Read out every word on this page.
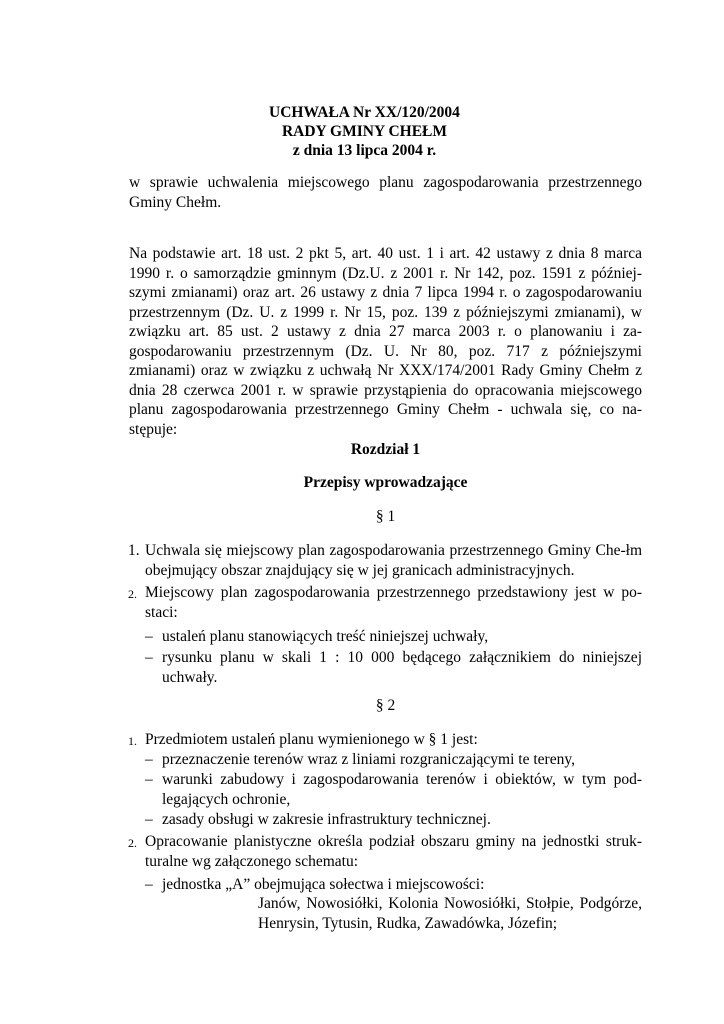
UCHWAŁA Nr XX/120/2004
RADY GMINY CHEŁM
z dnia 13 lipca 2004 r.
w sprawie uchwalenia miejscowego planu zagospodarowania przestrzennego Gminy Chełm.
Na podstawie art. 18 ust. 2 pkt 5, art. 40 ust. 1 i art. 42 ustawy z dnia 8 marca 1990 r. o samorządzie gminnym (Dz.U. z 2001 r. Nr 142, poz. 1591 z później-szymi zmianami) oraz art. 26 ustawy z dnia 7 lipca 1994 r. o zagospodarowaniu przestrzennym (Dz. U. z 1999 r. Nr 15, poz. 139 z późniejszymi zmianami), w związku art. 85 ust. 2 ustawy z dnia 27 marca 2003 r. o planowaniu i za-gospodarowaniu przestrzennym (Dz. U. Nr 80, poz. 717 z późniejszymi zmianami) oraz w związku z uchwałą Nr XXX/174/2001 Rady Gminy Chełm z dnia 28 czerwca 2001 r. w sprawie przystąpienia do opracowania miejscowego planu zagospodarowania przestrzennego Gminy Chełm - uchwala się, co na-stępuje:
Rozdział 1
Przepisy wprowadzające
§ 1
1. Uchwala się miejscowy plan zagospodarowania przestrzennego Gminy Che-łm obejmujący obszar znajdujący się w jej granicach administracyjnych.
2. Miejscowy plan zagospodarowania przestrzennego przedstawiony jest w po-staci:
– ustaleń planu stanowiących treść niniejszej uchwały,
– rysunku planu w skali 1 : 10 000 będącego załącznikiem do niniejszej uchwały.
§ 2
1. Przedmiotem ustaleń planu wymienionego w § 1 jest:
– przeznaczenie terenów wraz z liniami rozgraniczającymi te tereny,
– warunki zabudowy i zagospodarowania terenów i obiektów, w tym pod-legających ochronie,
– zasady obsługi w zakresie infrastruktury technicznej.
2. Opracowanie planistyczne określa podział obszaru gminy na jednostki struk-turalne wg załączonego schematu:
– jednostka „A” obejmująca sołectwa i miejscowości:
Janów, Nowosiółki, Kolonia Nowosiółki, Stołpie, Podgórze, Henrysin, Tytusin, Rudka, Zawadówka, Józefin;
